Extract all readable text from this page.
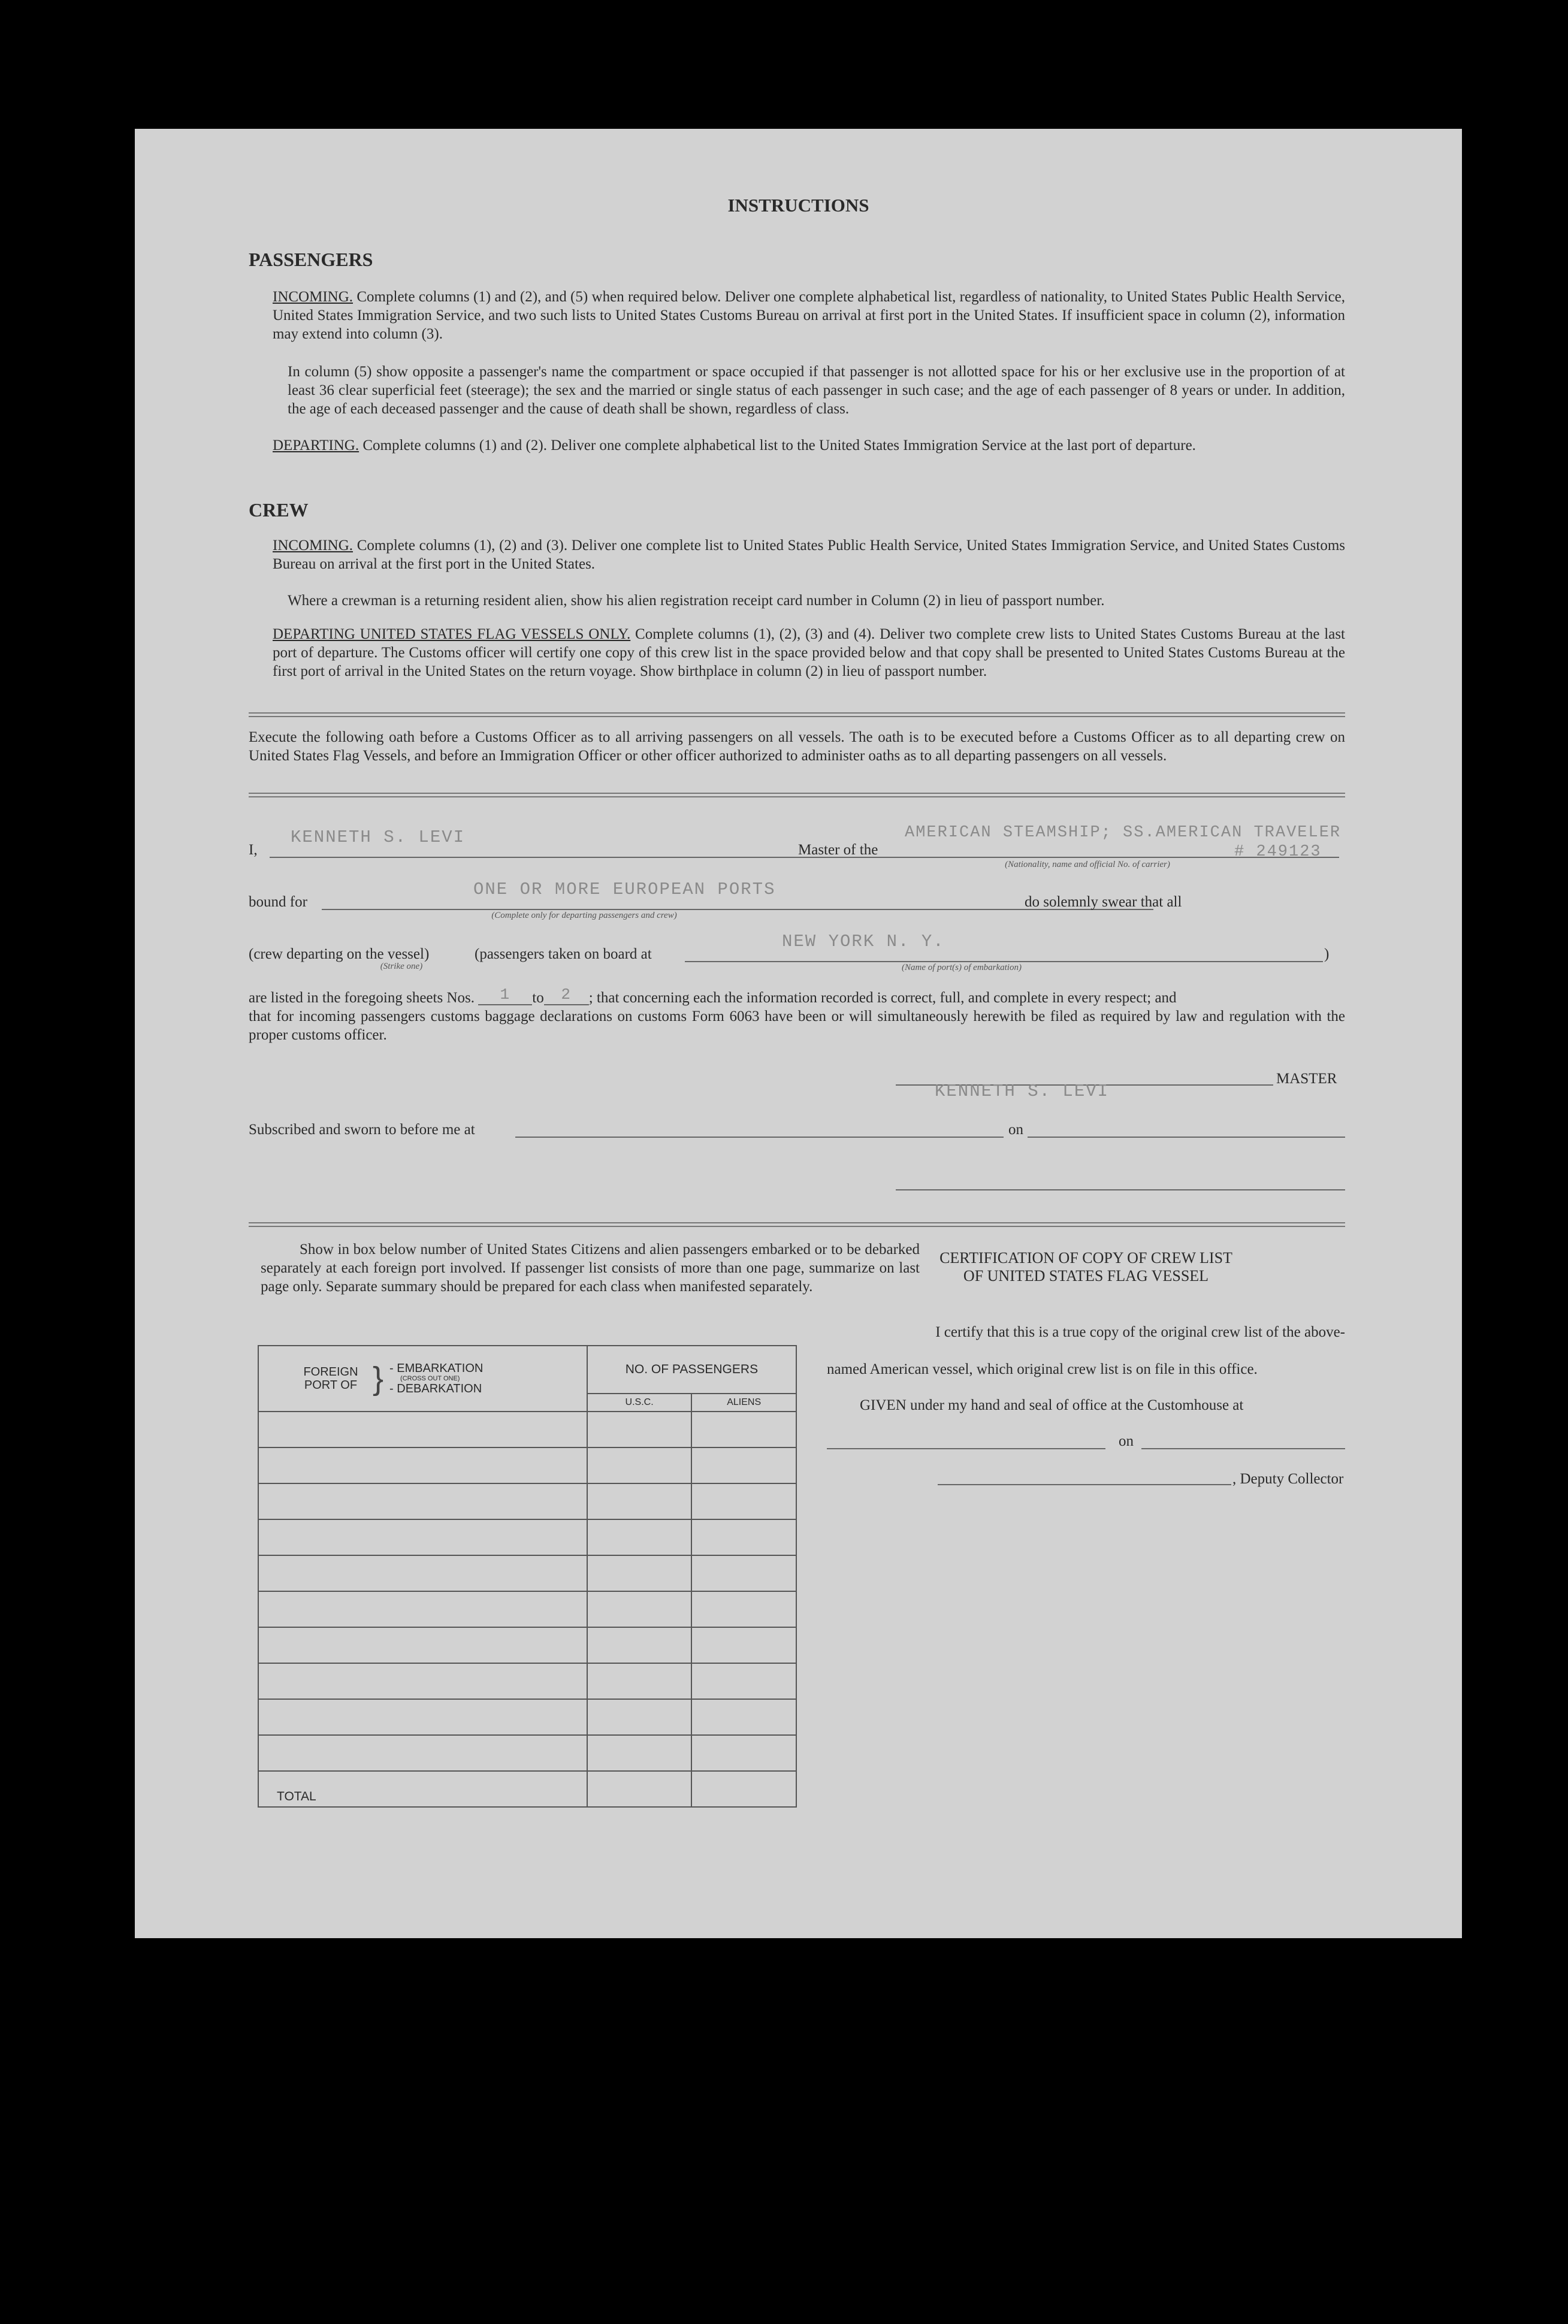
INSTRUCTIONS
PASSENGERS
INCOMING. Complete columns (1) and (2), and (5) when required below. Deliver one complete alphabetical list, regardless of nationality, to United States Public Health Service, United States Immigration Service, and two such lists to United States Customs Bureau on arrival at first port in the United States. If insufficient space in column (2), information may extend into column (3).
In column (5) show opposite a passenger's name the compartment or space occupied if that passenger is not allotted space for his or her exclusive use in the proportion of at least 36 clear superficial feet (steerage); the sex and the married or single status of each passenger in such case; and the age of each passenger of 8 years or under. In addition, the age of each deceased passenger and the cause of death shall be shown, regardless of class.
DEPARTING. Complete columns (1) and (2). Deliver one complete alphabetical list to the United States Immigration Service at the last port of departure.
CREW
INCOMING. Complete columns (1), (2) and (3). Deliver one complete list to United States Public Health Service, United States Immigration Service, and United States Customs Bureau on arrival at the first port in the United States.
Where a crewman is a returning resident alien, show his alien registration receipt card number in Column (2) in lieu of passport number.
DEPARTING UNITED STATES FLAG VESSELS ONLY. Complete columns (1), (2), (3) and (4). Deliver two complete crew lists to United States Customs Bureau at the last port of departure. The Customs officer will certify one copy of this crew list in the space provided below and that copy shall be presented to United States Customs Bureau at the first port of arrival in the United States on the return voyage. Show birthplace in column (2) in lieu of passport number.
Execute the following oath before a Customs Officer as to all arriving passengers on all vessels. The oath is to be executed before a Customs Officer as to all departing crew on United States Flag Vessels, and before an Immigration Officer or other officer authorized to administer oaths as to all departing passengers on all vessels.
I,
KENNETH S. LEVI
Master of the
AMERICAN STEAMSHIP; SS.AMERICAN TRAVELER
# 249123
(Nationality, name and official No. of carrier)
bound for
ONE OR MORE EUROPEAN PORTS
(Complete only for departing passengers and crew)
do solemnly swear that all
(crew departing on the vessel)	(passengers taken on board at
(Strike one)
NEW YORK N. Y.
(Name of port(s) of embarkation)
)
are listed in the foregoing sheets Nos. 1 to 2 ; that concerning each the information recorded is correct, full, and complete in every respect; and
that for incoming passengers customs baggage declarations on customs Form 6063 have been or will simultaneously herewith be filed as required by law and regulation with the proper customs officer.
MASTER
KENNETH S. LEVI
Subscribed and sworn to before me at	on
Show in box below number of United States Citizens and alien passengers embarked or to be debarked separately at each foreign port involved. If passenger list consists of more than one page, summarize on last page only. Separate summary should be prepared for each class when manifested separately.
FOREIGN PORT OF } - EMBARKATION
(CROSS OUT ONE)
- DEBARKATION	NO. OF PASSENGERS	
	U.S.C.	ALIENS

TOTAL		
CERTIFICATION OF COPY OF CREW LIST
OF UNITED STATES FLAG VESSEL
I certify that this is a true copy of the original crew list of the above-
named American vessel, which original crew list is on file in this office.
GIVEN under my hand and seal of office at the Customhouse at
on
, Deputy Collector
